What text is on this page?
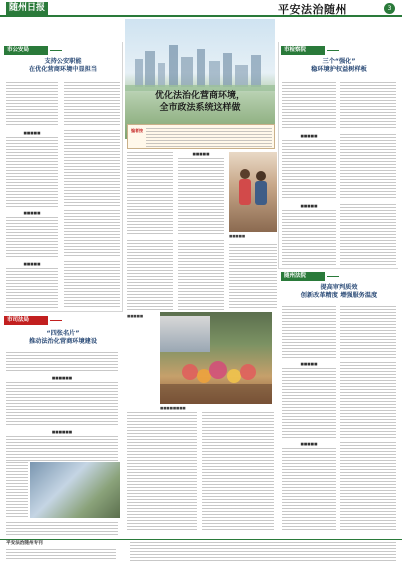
随州日报	平安法治随州	3
市公安局
支持公安职能
在优化营商环境中显担当
■■■■■
■■■■■
■■■■■
市司法局
“四张名片”
推动法治化营商环境建设
■■■■■■
■■■■■■
优化法治化营商环境，
全市政法系统这样做
编者按
■■■■■
■■■■■
■■■■■■■■
■■■■■
市检察院
三个“强化”
稳环境护权益树样板
■■■■■
■■■■■
随州法院
提高审判质效
创新改革精度 增强服务温度
■■■■■
■■■■■
平安法治随州专刊
